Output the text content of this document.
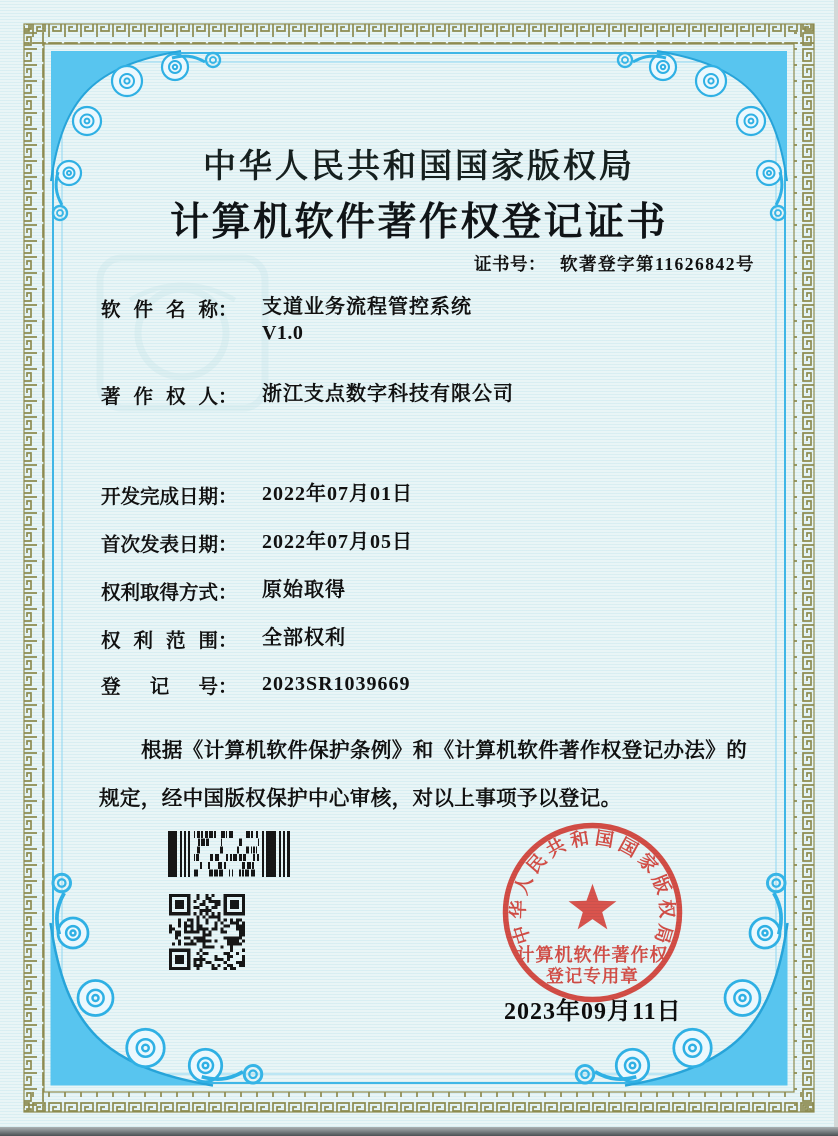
中华人民共和国国家版权局
计算机软件著作权登记证书
证书号： 软著登字第11626842号
软件名称： 支道业务流程管控系统
V1.0
著作权人： 浙江支点数字科技有限公司
开发完成日期： 2022年07月01日
首次发表日期： 2022年07月05日
权利取得方式： 原始取得
权利范围： 全部权利
登记号： 2023SR1039669
根据《计算机软件保护条例》和《计算机软件著作权登记办法》的
规定，经中国版权保护中心审核，对以上事项予以登记。
中华人民共和国国家版权局
计算机软件著作权
登记专用章
2023年09月11日
